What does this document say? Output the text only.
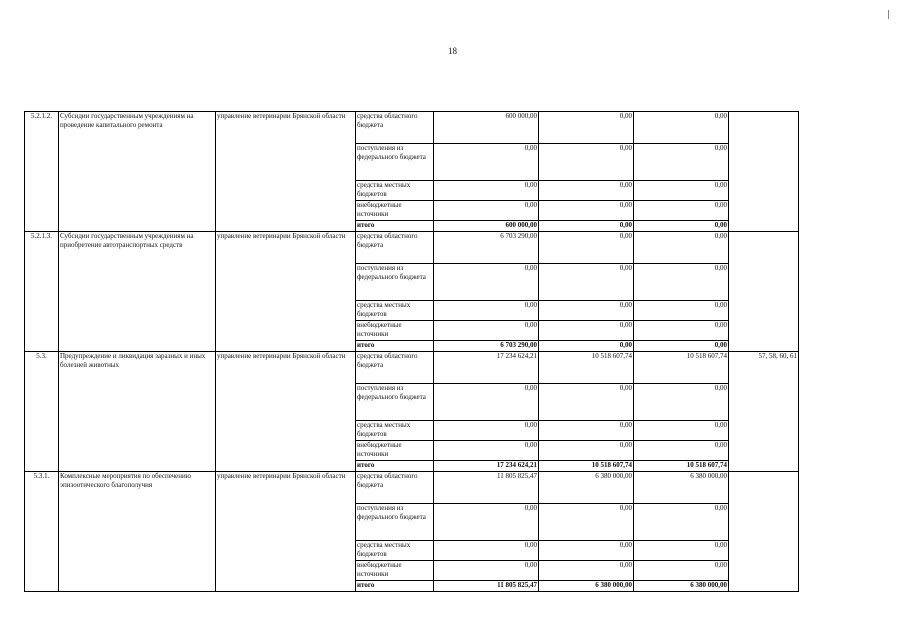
18
5.2.1.2.	Субсидии государственным учреждениям на проведение капитального ремонта	управление ветеринарии Брянской области	средства областного бюджета	600 000,00	0,00	0,00	
			поступления из федерального бюджета	0,00	0,00	0,00	
			средства местных бюджетов	0,00	0,00	0,00	
			внебюджетные источники	0,00	0,00	0,00	
			итого	600 000,00	0,00	0,00	
5.2.1.3.	Субсидии государственным учреждениям на приобретение автотранспортных средств	управление ветеринарии Брянской области	средства областного бюджета	6 703 290,00	0,00	0,00	
			поступления из федерального бюджета	0,00	0,00	0,00	
			средства местных бюджетов	0,00	0,00	0,00	
			внебюджетные источники	0,00	0,00	0,00	
			итого	6 703 290,00	0,00	0,00	
5.3.	Предупреждение и ликвидация заразных и иных болезней животных	управление ветеринарии Брянской области	средства областного бюджета	17 234 624,21	10 518 607,74	10 518 607,74	57, 58, 60, 61
			поступления из федерального бюджета	0,00	0,00	0,00	
			средства местных бюджетов	0,00	0,00	0,00	
			внебюджетные источники	0,00	0,00	0,00	
			итого	17 234 624,21	10 518 607,74	10 518 607,74	
5.3.1.	Комплексные мероприятия по обеспечению эпизоотического благополучия	управление ветеринарии Брянской области	средства областного бюджета	11 805 825,47	6 380 000,00	6 380 000,00	
			поступления из федерального бюджета	0,00	0,00	0,00	
			средства местных бюджетов	0,00	0,00	0,00	
			внебюджетные источники	0,00	0,00	0,00	
			итого	11 805 825,47	6 380 000,00	6 380 000,00	
